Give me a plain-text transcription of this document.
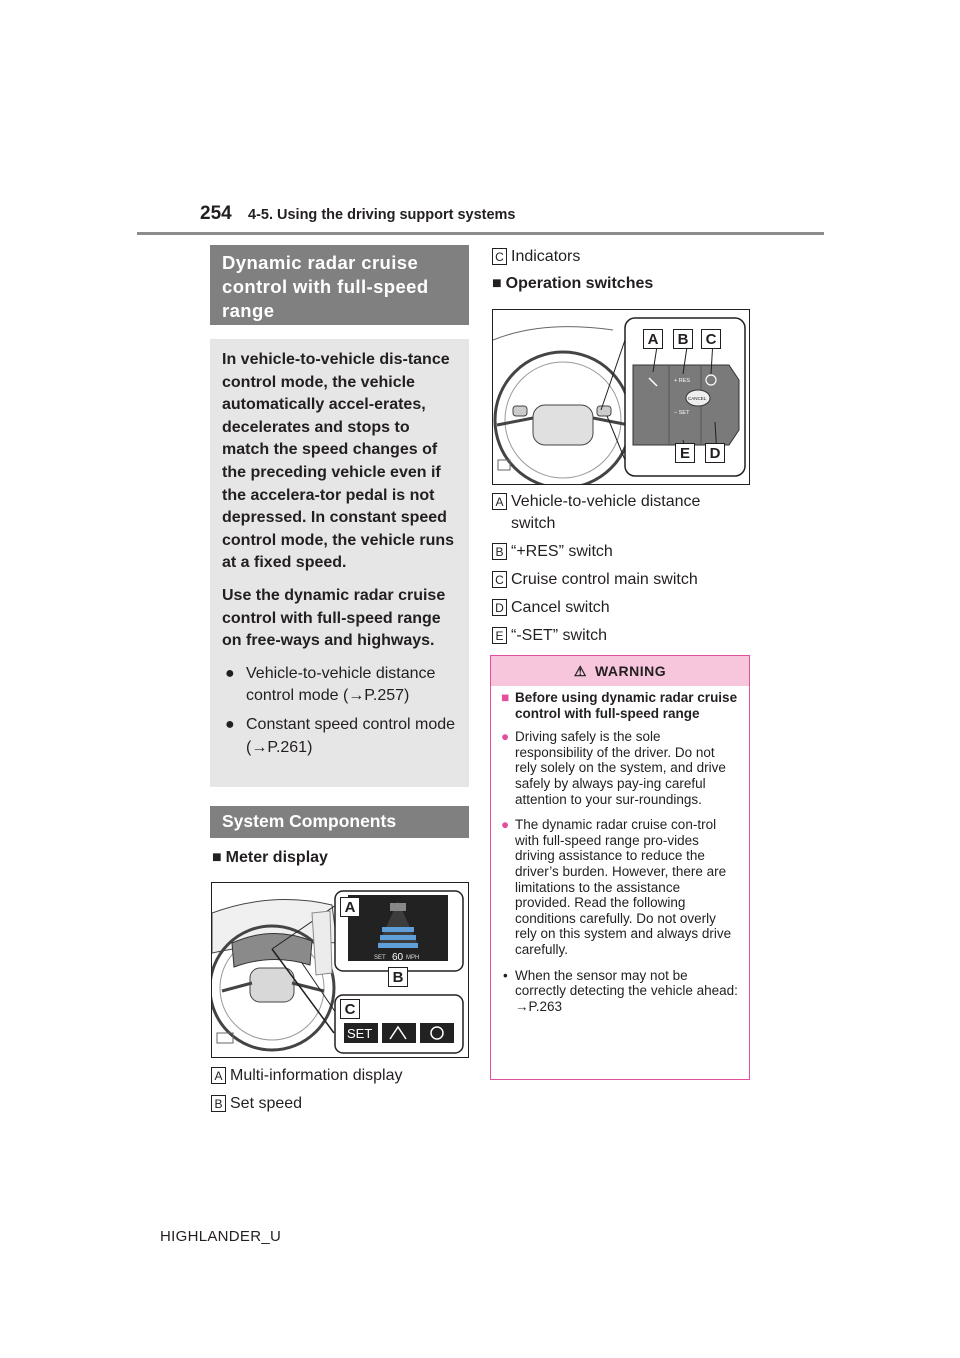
254 4-5. Using the driving support systems
Dynamic radar cruise control with full-speed range

In vehicle-to-vehicle dis-tance control mode, the vehicle automatically accel-erates, decelerates and stops to match the speed changes of the preceding vehicle even if the accelera-tor pedal is not depressed. In constant speed control mode, the vehicle runs at a fixed speed.

Use the dynamic radar cruise control with full-speed range on free-ways and highways.

● Vehicle-to-vehicle distance control mode (→P.257)
● Constant speed control mode (→P.261)
System Components
■ Meter display
SET 60 MPH
SET
A
B
C
A Multi-information display
B Set speed
C Indicators
■ Operation switches
+ RES
− SET
CANCEL
A	B	C
E	D
A Vehicle-to-vehicle distance switch
B “+RES” switch
C Cruise control main switch
D Cancel switch
E “-SET” switch
⚠ WARNING
■ Before using dynamic radar cruise control with full-speed range
● Driving safely is the sole responsibility of the driver. Do not rely solely on the system, and drive safely by always pay-ing careful attention to your sur-roundings.
● The dynamic radar cruise con-trol with full-speed range pro-vides driving assistance to reduce the driver’s burden. However, there are limitations to the assistance provided. Read the following conditions carefully. Do not overly rely on this system and always drive carefully.
• When the sensor may not be correctly detecting the vehicle ahead: →P.263
HIGHLANDER_U
